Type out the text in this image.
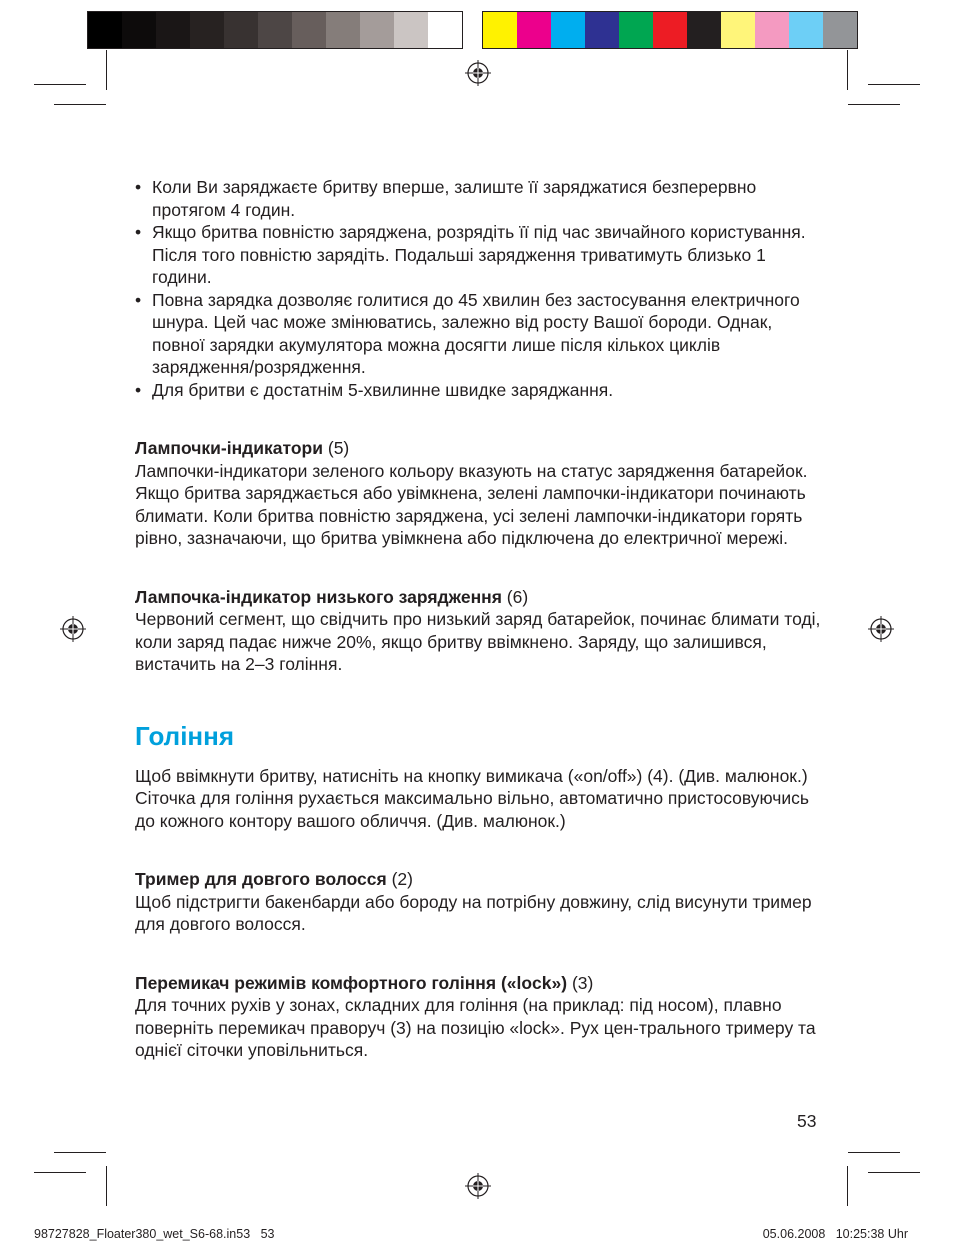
• Коли Ви заряджаєте бритву вперше, залиште її заряджатися безперервно протягом 4 годин.
• Якщо бритва повністю заряджена, розрядіть її під час звичайного користування. Після того повністю зарядіть. Подальші зарядження триватимуть близько 1 години.
• Повна зарядка дозволяє голитися до 45 хвилин без застосування електричного шнура. Цей час може змінюватись, залежно від росту Вашої бороди. Однак, повної зарядки акумулятора можна досягти лише після кількох циклів зарядження/розрядження.
• Для бритви є достатнім 5-хвилинне швидке заряджання.

Лампочки-індикатори (5)

Лампочки-індикатори зеленого кольору вказують на статус зарядження батарейок. Якщо бритва заряджається або увімкнена, зелені лампочки-індикатори починають блимати. Коли бритва повністю заряджена, усі зелені лампочки-індикатори горять рівно, зазначаючи, що бритва увімкнена або підключена до електричної мережі.

Лампочка-індикатор низького зарядження (6)

Червоний сегмент, що свідчить про низький заряд батарейок, починає блимати тоді, коли заряд падає нижче 20%, якщо бритву ввімкнено. Заряду, що залишився, вистачить на 2–3 гоління.

Гоління

Щоб ввімкнути бритву, натисніть на кнопку вимикача («on/off») (4). (Див. малюнок.)

Сіточка для гоління рухається максимально вільно, автоматично пристосовуючись до кожного контору вашого обличчя. (Див. малюнок.)

Тример для довгого волосся (2)

Щоб підстригти бакенбарди або бороду на потрібну довжину, слід висунути тример для довгого волосся.

Перемикач режимів комфортного гоління («lock») (3)

Для точних рухів у зонах, складних для гоління (на приклад: під носом), плавно поверніть перемикач праворуч (3) на позицію «lock». Рух цен-трального тримеру та однієї сіточки уповільниться.

53
98727828_Floater380_wet_S6-68.in53   53	05.06.2008   10:25:38 Uhr
